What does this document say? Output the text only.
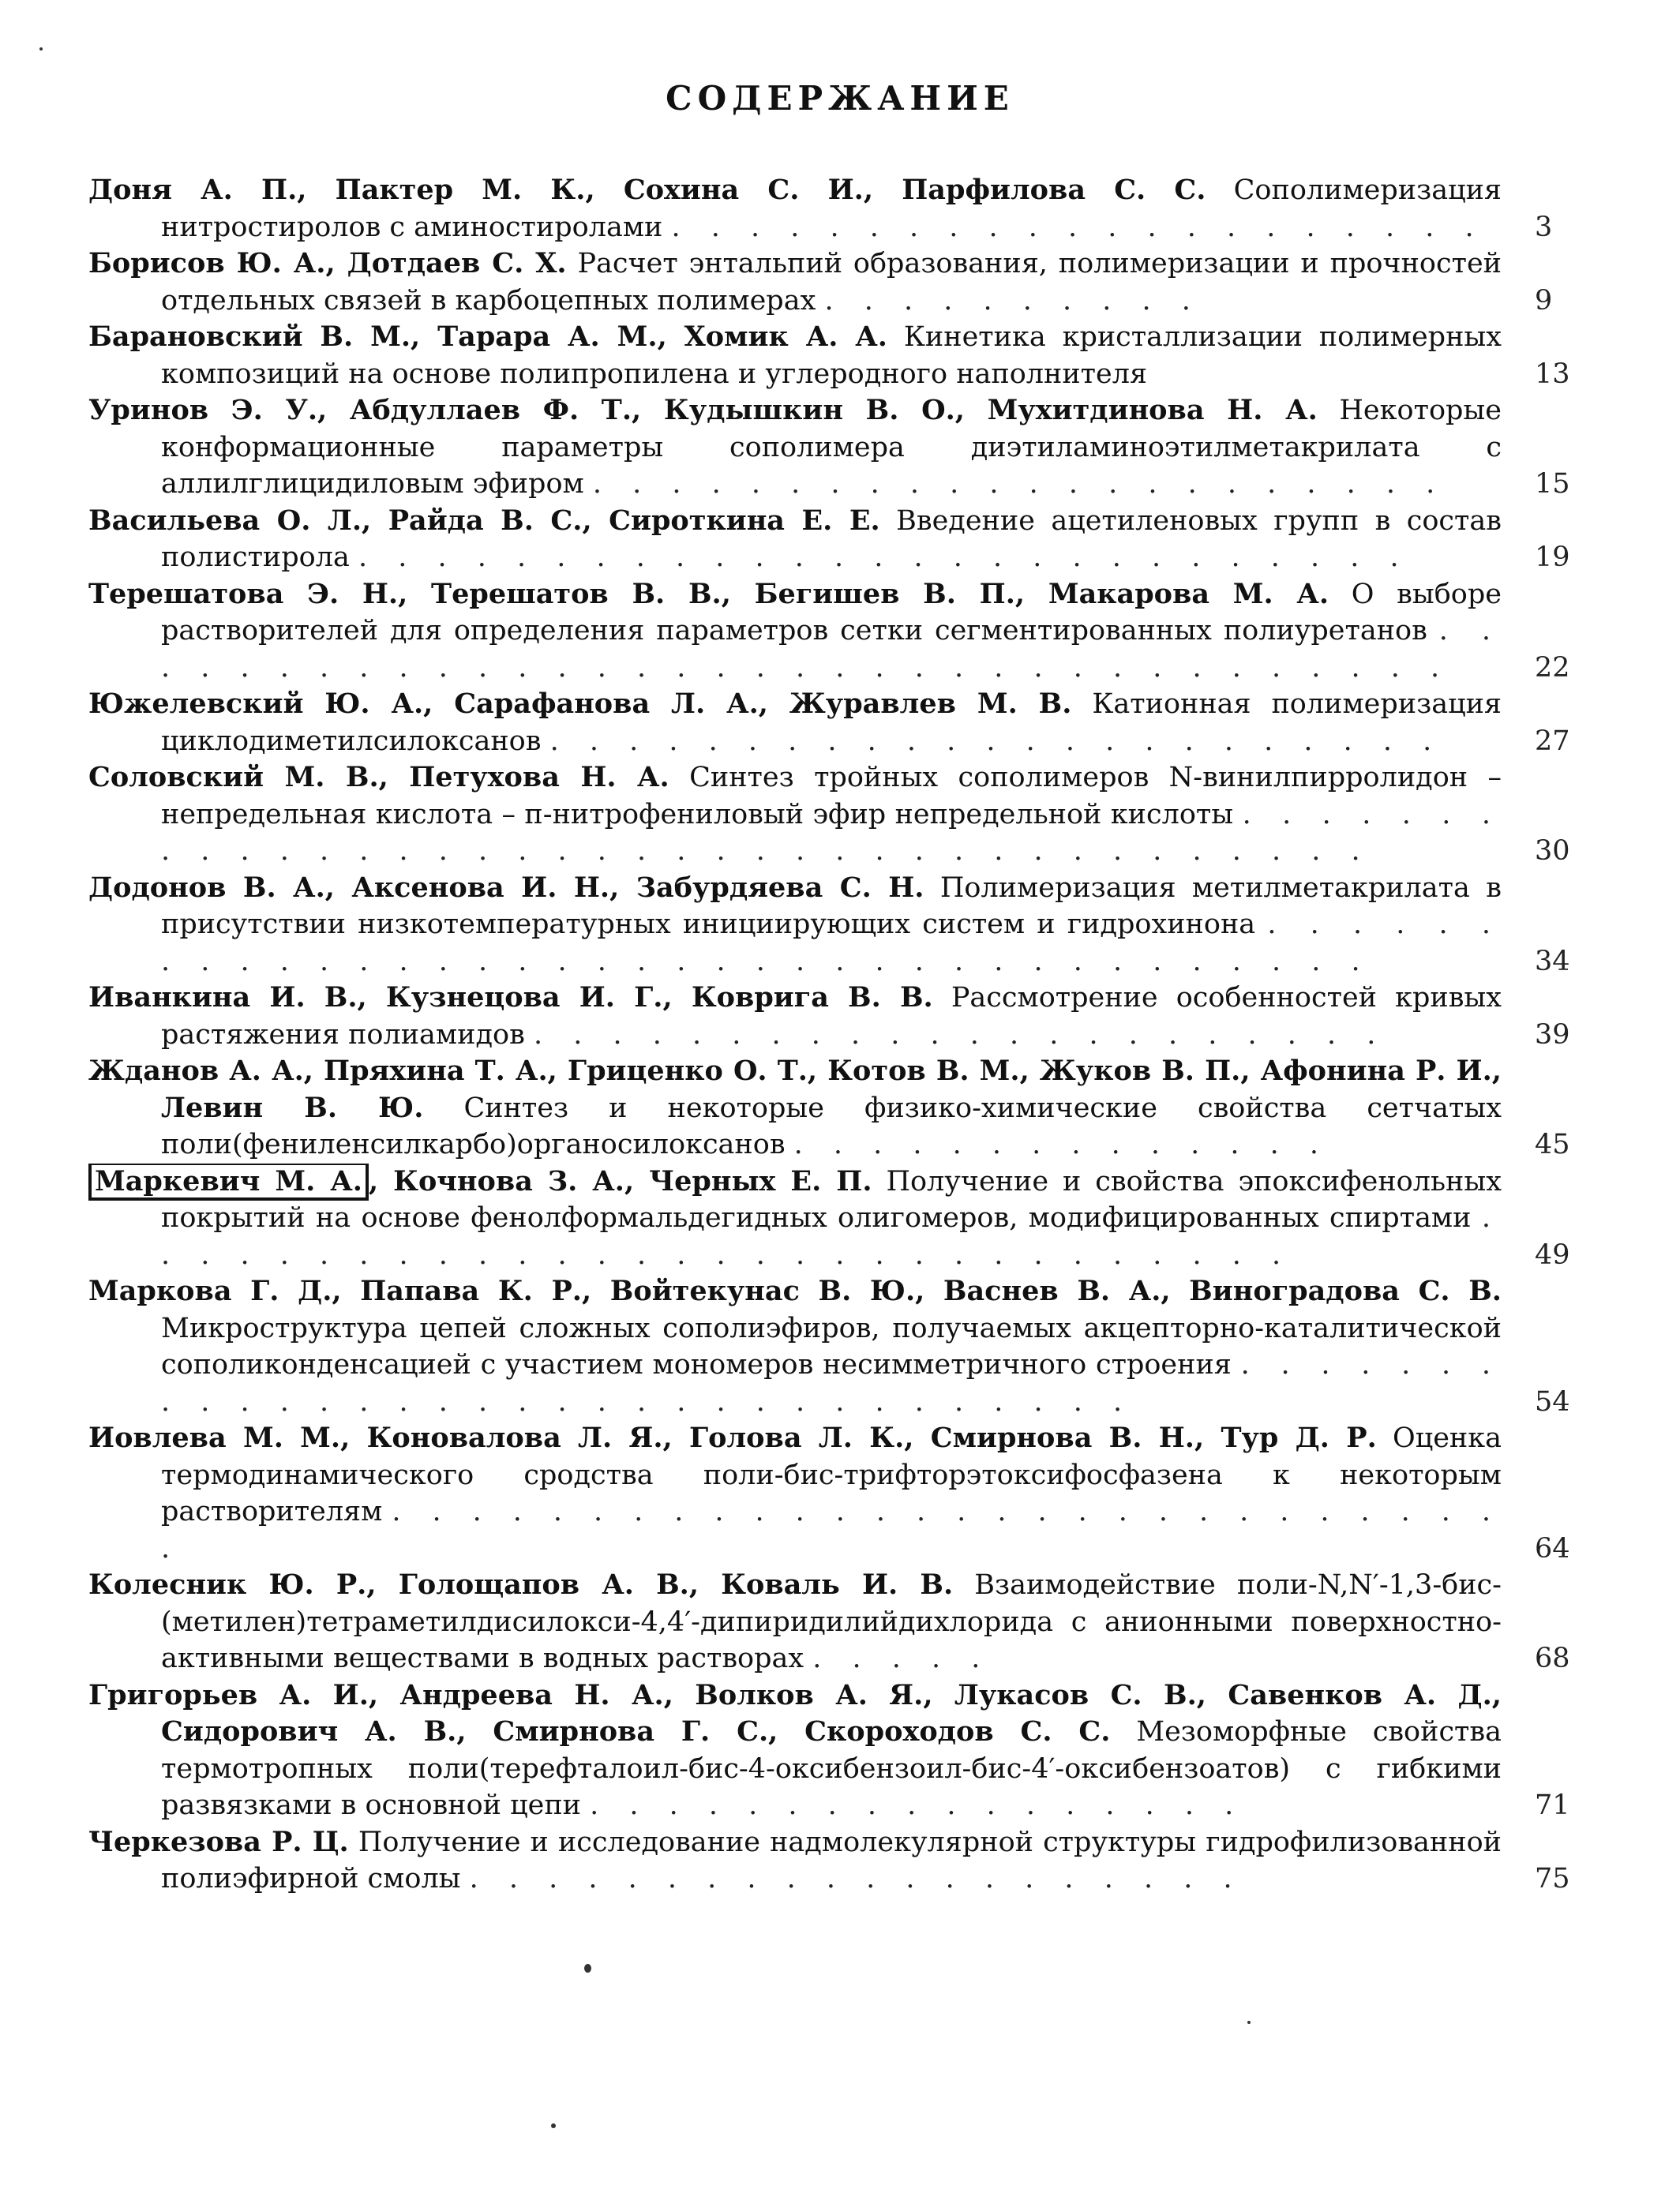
СОДЕРЖАНИЕ
Доня А. П., Пактер М. К., Сохина С. И., Парфилова С. С. Сополимеризация нитростиролов с аминостиролами . . . . . . . . . . . . . . . . . . . . .	3
Борисов Ю. А., Дотдаев С. Х. Расчет энтальпий образования, полимеризации и прочностей отдельных связей в карбоцепных полимерах . . . . . . . . . .	9
Барановский В. М., Тарара А. М., Хомик А. А. Кинетика кристаллизации полимерных композиций на основе полипропилена и углеродного наполнителя	13
Уринов Э. У., Абдуллаев Ф. Т., Кудышкин В. О., Мухитдинова Н. А. Некоторые конформационные параметры сополимера диэтиламиноэтилметакрилата с аллилглицидиловым эфиром . . . . . . . . . . . . . . . . . . . . . .	15
Васильева О. Л., Райда В. С., Сироткина Е. Е. Введение ацетиленовых групп в состав полистирола . . . . . . . . . . . . . . . . . . . . . . . . . . .	19
Терешатова Э. Н., Терешатов В. В., Бегишев В. П., Макарова М. А. О выборе растворителей для определения параметров сетки сегментированных полиуретанов . . . . . . . . . . . . . . . . . . . . . . . . . . . . . . . . . . .	22
Южелевский Ю. А., Сарафанова Л. А., Журавлев М. В. Катионная полимеризация циклодиметилсилоксанов . . . . . . . . . . . . . . . . . . . . . . .	27
Соловский М. В., Петухова Н. А. Синтез тройных сополимеров N-винилпирролидон – непредельная кислота – п-нитрофениловый эфир непредельной кислоты . . . . . . . . . . . . . . . . . . . . . . . . . . . . . . . . . . . . . .	30
Додонов В. А., Аксенова И. Н., Забурдяева С. Н. Полимеризация метилметакрилата в присутствии низкотемпературных инициирующих систем и гидрохинона . . . . . . . . . . . . . . . . . . . . . . . . . . . . . . . . . . . . .	34
Иванкина И. В., Кузнецова И. Г., Коврига В. В. Рассмотрение особенностей кривых растяжения полиамидов . . . . . . . . . . . . . . . . . . . . . .	39
Жданов А. А., Пряхина Т. А., Гриценко О. Т., Котов В. М., Жуков В. П., Афонина Р. И., Левин В. Ю. Синтез и некоторые физико-химические свойства сетчатых поли(фениленсилкарбо)органосилоксанов . . . . . . . . . . . . . .	45
Маркевич М. А. , Кочнова З. А., Черных Е. П. Получение и свойства эпоксифенольных покрытий на основе фенолформальдегидных олигомеров, модифицированных спиртами . . . . . . . . . . . . . . . . . . . . . . . . . . . . . .	49
Маркова Г. Д., Папава К. Р., Войтекунас В. Ю., Васнев В. А., Виноградова С. В. Микроструктура цепей сложных сополиэфиров, получаемых акцепторно-каталитической сополиконденсацией с участием мономеров несимметричного строения . . . . . . . . . . . . . . . . . . . . . . . . . . . . . . . .	54
Иовлева М. М., Коновалова Л. Я., Голова Л. К., Смирнова В. Н., Тур Д. Р. Оценка термодинамического сродства поли-бис-трифторэтоксифосфазена к некоторым растворителям . . . . . . . . . . . . . . . . . . . . . . . . . . . . .	64
Колесник Ю. Р., Голощапов А. В., Коваль И. В. Взаимодействие поли-N,N′-1,3-бис-(метилен)тетраметилдисилокси-4,4′-дипиридилийдихлорида с анионными поверхностно-активными веществами в водных растворах . . . . .	68
Григорьев А. И., Андреева Н. А., Волков А. Я., Лукасов С. В., Савенков А. Д., Сидорович А. В., Смирнова Г. С., Скороходов С. С. Мезоморфные свойства термотропных поли(терефталоил-бис-4-оксибензоил-бис-4′-оксибензоатов) с гибкими развязками в основной цепи . . . . . . . . . . . . . . . . .	71
Черкезова Р. Ц. Получение и исследование надмолекулярной структуры гидрофилизованной полиэфирной смолы . . . . . . . . . . . . . . . . . . . .	75
